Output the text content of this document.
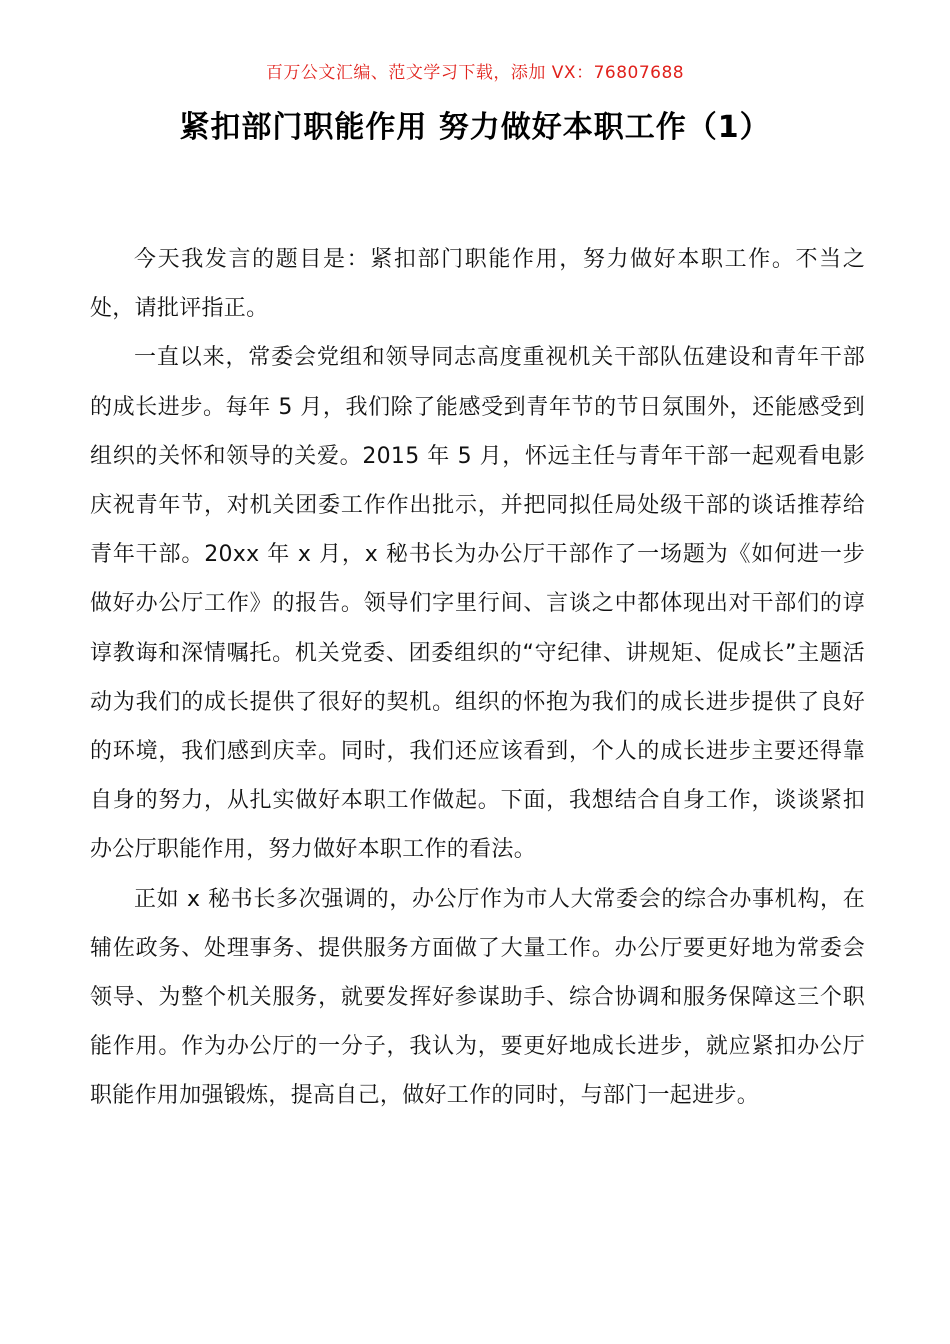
百万公文汇编、范文学习下载，添加 VX：76807688
紧扣部门职能作用 努力做好本职工作（1）

今天我发言的题目是：紧扣部门职能作用，努力做好本职工作。不当之处，请批评指正。

一直以来，常委会党组和领导同志高度重视机关干部队伍建设和青年干部的成长进步。每年 5 月，我们除了能感受到青年节的节日氛围外，还能感受到组织的关怀和领导的关爱。2015 年 5 月，怀远主任与青年干部一起观看电影庆祝青年节，对机关团委工作作出批示，并把同拟任局处级干部的谈话推荐给青年干部。20xx 年 x 月，x 秘书长为办公厅干部作了一场题为《如何进一步做好办公厅工作》的报告。领导们字里行间、言谈之中都体现出对干部们的谆谆教诲和深情嘱托。机关党委、团委组织的“守纪律、讲规矩、促成长”主题活动为我们的成长提供了很好的契机。组织的怀抱为我们的成长进步提供了良好的环境，我们感到庆幸。同时，我们还应该看到，个人的成长进步主要还得靠自身的努力，从扎实做好本职工作做起。下面，我想结合自身工作，谈谈紧扣办公厅职能作用，努力做好本职工作的看法。

正如 x 秘书长多次强调的，办公厅作为市人大常委会的综合办事机构，在辅佐政务、处理事务、提供服务方面做了大量工作。办公厅要更好地为常委会领导、为整个机关服务，就要发挥好参谋助手、综合协调和服务保障这三个职能作用。作为办公厅的一分子，我认为，要更好地成长进步，就应紧扣办公厅职能作用加强锻炼，提高自己，做好工作的同时，与部门一起进步。
